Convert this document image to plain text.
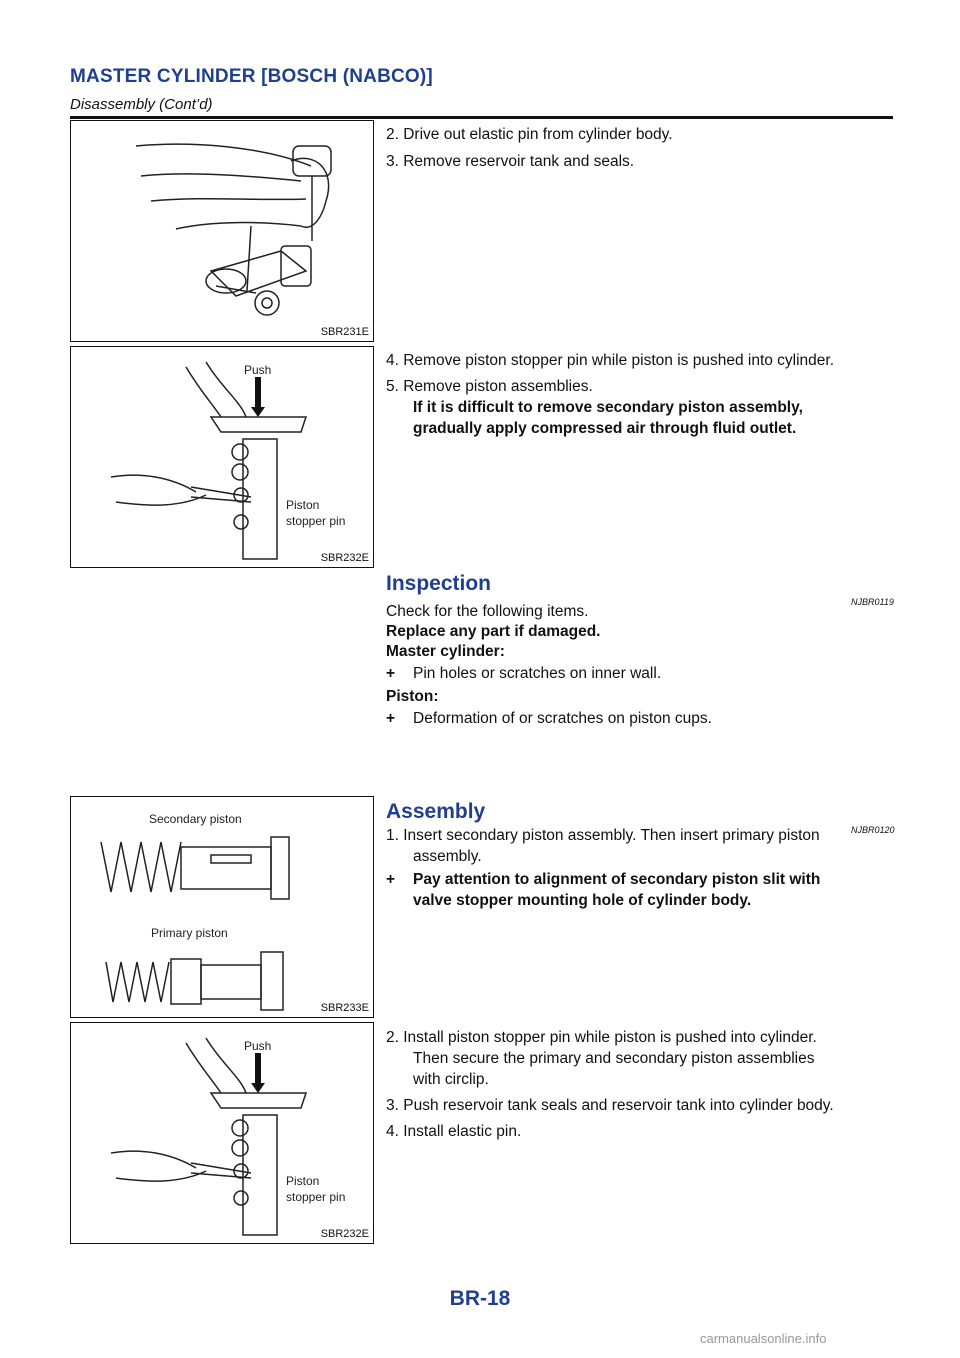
MASTER CYLINDER [BOSCH (NABCO)]
Disassembly (Cont’d)
SBR231E
2. Drive out elastic pin from cylinder body.
3. Remove reservoir tank and seals.
Push
Piston
stopper pin
SBR232E
4. Remove piston stopper pin while piston is pushed into cylinder.
5. Remove piston assemblies.
If it is difficult to remove secondary piston assembly,
gradually apply compressed air through fluid outlet.
Inspection
NJBR0119
Check for the following items.
Replace any part if damaged.
Master cylinder:
+ Pin holes or scratches on inner wall.
Piston:
+ Deformation of or scratches on piston cups.
Secondary piston
Primary piston
SBR233E
Assembly
NJBR0120
1. Insert secondary piston assembly. Then insert primary piston
assembly.
+ Pay attention to alignment of secondary piston slit with
valve stopper mounting hole of cylinder body.
Push
Piston
stopper pin
SBR232E
2. Install piston stopper pin while piston is pushed into cylinder.
Then secure the primary and secondary piston assemblies
with circlip.
3. Push reservoir tank seals and reservoir tank into cylinder body.
4. Install elastic pin.
BR-18
carmanualsonline.info
